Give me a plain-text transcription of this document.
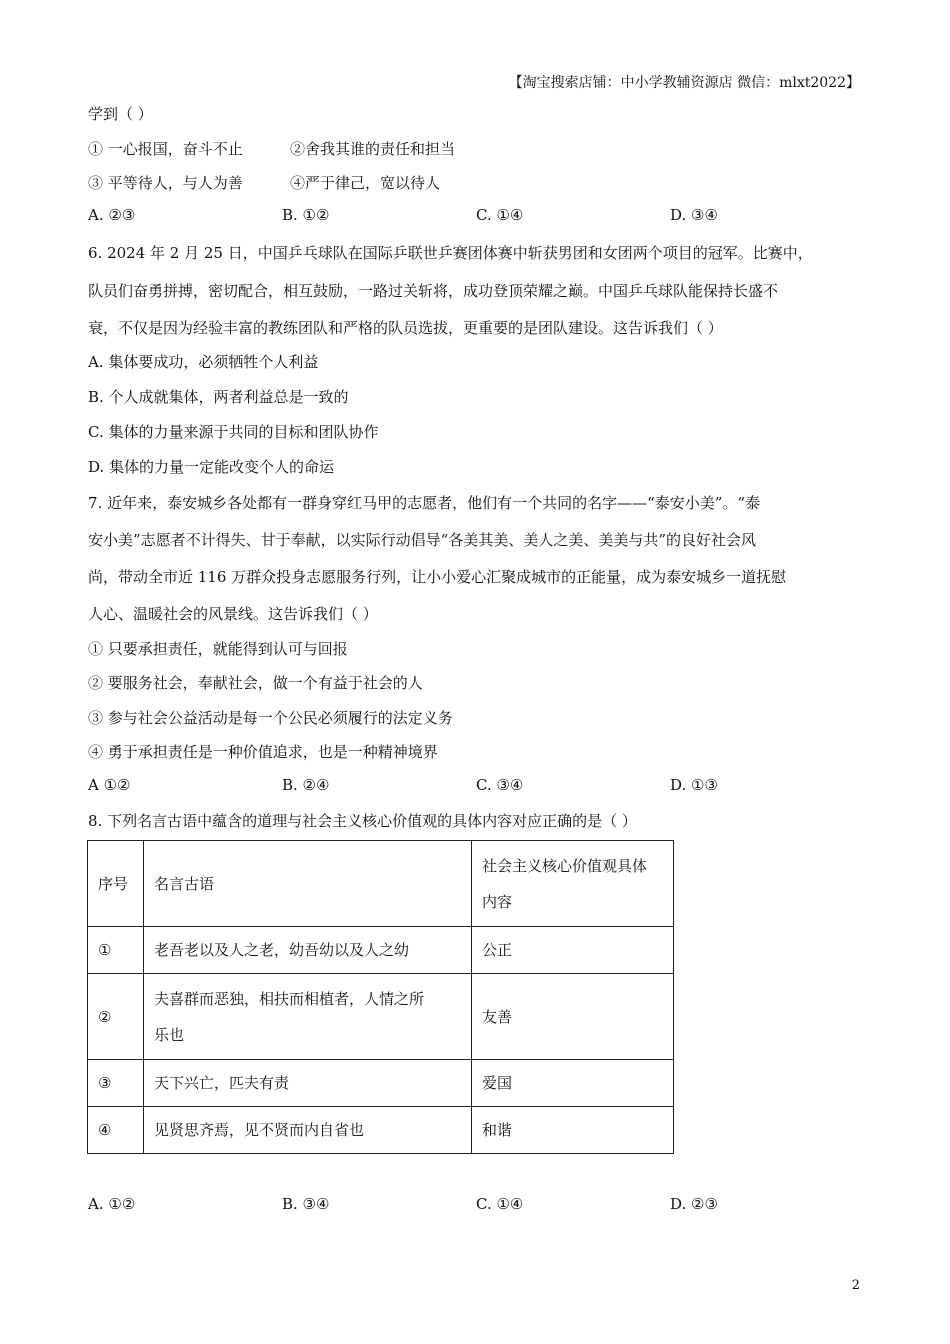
【淘宝搜索店铺：中小学教辅资源店 微信：mlxt2022】
学到（ ）
① 一心报国，奋斗不止	②舍我其谁的责任和担当
③ 平等待人，与人为善	④严于律己，宽以待人
A. ②③	B. ①②	C. ①④	D. ③④
6. 2024 年 2 月 25 日，中国乒乓球队在国际乒联世乒赛团体赛中斩获男团和女团两个项目的冠军。比赛中，
队员们奋勇拼搏，密切配合，相互鼓励，一路过关斩将，成功登顶荣耀之巅。中国乒乓球队能保持长盛不
衰，不仅是因为经验丰富的教练团队和严格的队员选拔，更重要的是团队建设。这告诉我们（ ）
A. 集体要成功，必须牺牲个人利益
B. 个人成就集体，两者利益总是一致的
C. 集体的力量来源于共同的目标和团队协作
D. 集体的力量一定能改变个人的命运
7. 近年来，泰安城乡各处都有一群身穿红马甲的志愿者，他们有一个共同的名字——“泰安小美”。“泰
安小美”志愿者不计得失、甘于奉献，以实际行动倡导“各美其美、美人之美、美美与共”的良好社会风
尚，带动全市近 116 万群众投身志愿服务行列，让小小爱心汇聚成城市的正能量，成为泰安城乡一道抚慰
人心、温暖社会的风景线。这告诉我们（ ）
① 只要承担责任，就能得到认可与回报
② 要服务社会，奉献社会，做一个有益于社会的人
③ 参与社会公益活动是每一个公民必须履行的法定义务
④ 勇于承担责任是一种价值追求，也是一种精神境界
A ①②	B. ②④	C. ③④	D. ①③
8. 下列名言古语中蕴含的道理与社会主义核心价值观的具体内容对应正确的是（ ）
序号	名言古语	社会主义核心价值观具体
内容

①	老吾老以及人之老，幼吾幼以及人之幼	公正
②	夫喜群而恶独，相扶而相植者，人情之所
乐也	友善
③	天下兴亡，匹夫有责	爱国
④	见贤思齐焉，见不贤而内自省也	和谐
A. ①②	B. ③④	C. ①④	D. ②③
2
